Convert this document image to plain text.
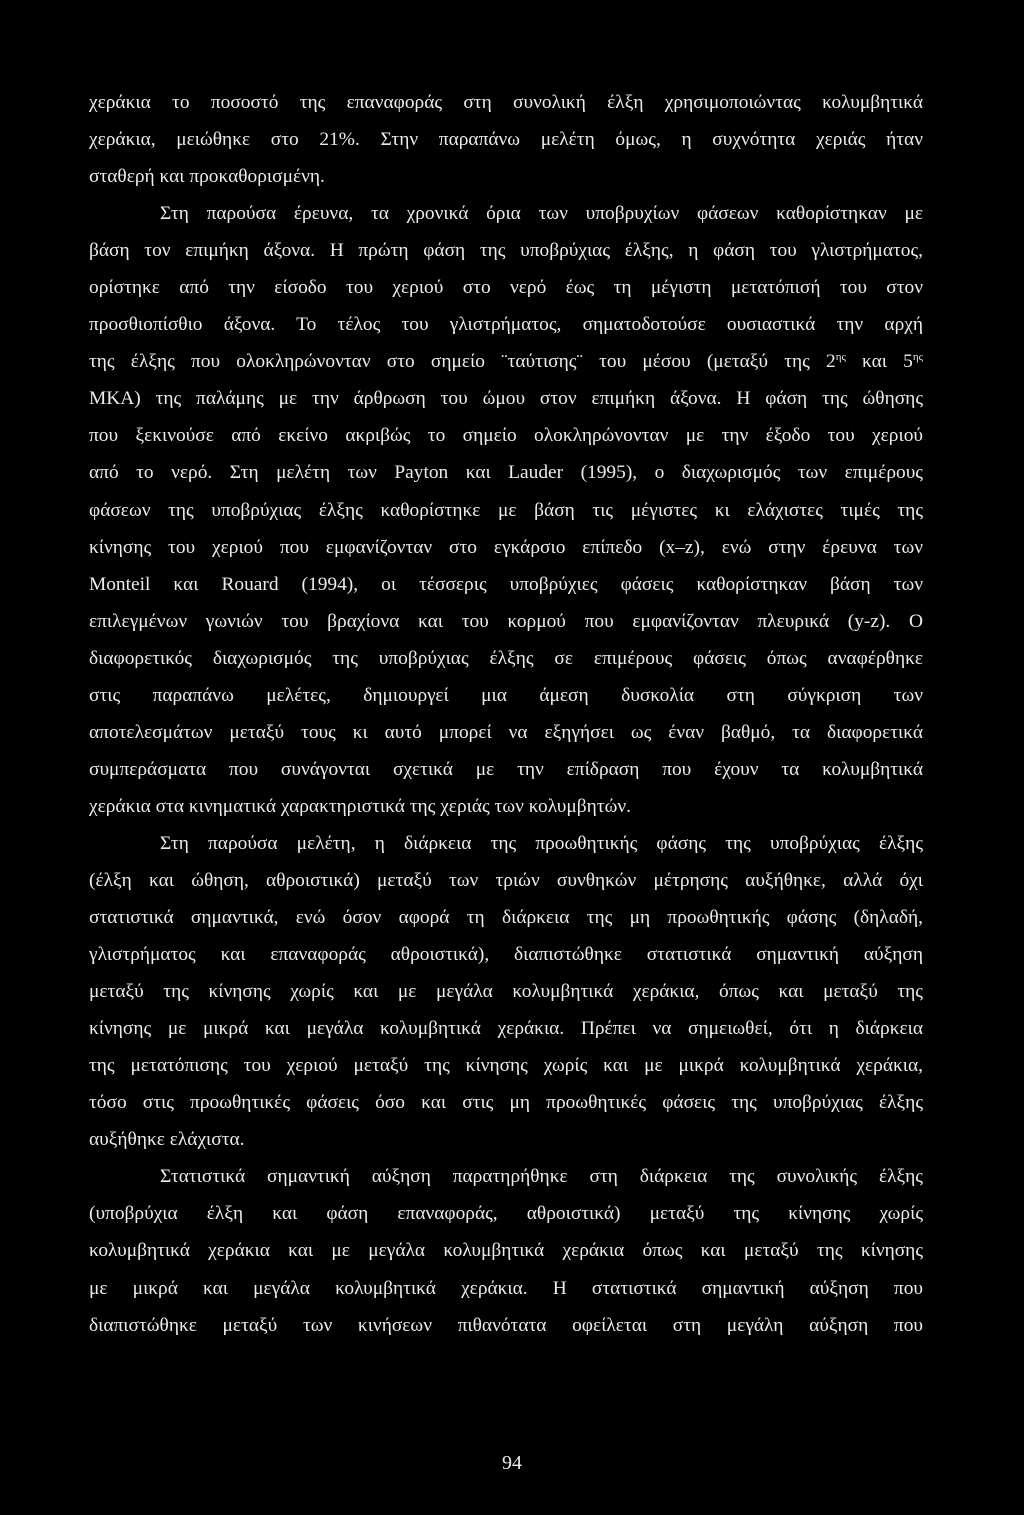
χεράκια το ποσοστό της επαναφοράς στη συνολική έλξη χρησιμοποιώντας κολυμβητικά
χεράκια, μειώθηκε στο 21%. Στην παραπάνω μελέτη όμως, η συχνότητα χεριάς ήταν
σταθερή και προκαθορισμένη.
Στη παρούσα έρευνα, τα χρονικά όρια των υποβρυχίων φάσεων καθορίστηκαν με
βάση τον επιμήκη άξονα. Η πρώτη φάση της υποβρύχιας έλξης, η φάση του γλιστρήματος,
ορίστηκε από την είσοδο του χεριού στο νερό έως τη μέγιστη μετατόπισή του στον
προσθιοπίσθιο άξονα. Το τέλος του γλιστρήματος, σηματοδοτούσε ουσιαστικά την αρχή
της έλξης που ολοκληρώνονταν στο σημείο ¨ταύτισης¨ του μέσου (μεταξύ της $2^{\eta\varsigma}$ και $5^{\eta\varsigma}$
ΜΚΑ) της παλάμης με την άρθρωση του ώμου στον επιμήκη άξονα. Η φάση της ώθησης
που ξεκινούσε από εκείνο ακριβώς το σημείο ολοκληρώνονταν με την έξοδο του χεριού
από το νερό. Στη μελέτη των Payton και Lauder (1995), ο διαχωρισμός των επιμέρους
φάσεων της υποβρύχιας έλξης καθορίστηκε με βάση τις μέγιστες κι ελάχιστες τιμές της
κίνησης του χεριού που εμφανίζονταν στο εγκάρσιο επίπεδο (x–z), ενώ στην έρευνα των
Monteil και Rouard (1994), οι τέσσερις υποβρύχιες φάσεις καθορίστηκαν βάση των
επιλεγμένων γωνιών του βραχίονα και του κορμού που εμφανίζονταν πλευρικά (y-z). Ο
διαφορετικός διαχωρισμός της υποβρύχιας έλξης σε επιμέρους φάσεις όπως αναφέρθηκε
στις παραπάνω μελέτες, δημιουργεί μια άμεση δυσκολία στη σύγκριση των
αποτελεσμάτων μεταξύ τους κι αυτό μπορεί να εξηγήσει ως έναν βαθμό, τα διαφορετικά
συμπεράσματα που συνάγονται σχετικά με την επίδραση που έχουν τα κολυμβητικά
χεράκια στα κινηματικά χαρακτηριστικά της χεριάς των κολυμβητών.
Στη παρούσα μελέτη, η διάρκεια της προωθητικής φάσης της υποβρύχιας έλξης
(έλξη και ώθηση, αθροιστικά) μεταξύ των τριών συνθηκών μέτρησης αυξήθηκε, αλλά όχι
στατιστικά σημαντικά, ενώ όσον αφορά τη διάρκεια της μη προωθητικής φάσης (δηλαδή,
γλιστρήματος και επαναφοράς αθροιστικά), διαπιστώθηκε στατιστικά σημαντική αύξηση
μεταξύ της κίνησης χωρίς και με μεγάλα κολυμβητικά χεράκια, όπως και μεταξύ της
κίνησης με μικρά και μεγάλα κολυμβητικά χεράκια. Πρέπει να σημειωθεί, ότι η διάρκεια
της μετατόπισης του χεριού μεταξύ της κίνησης χωρίς και με μικρά κολυμβητικά χεράκια,
τόσο στις προωθητικές φάσεις όσο και στις μη προωθητικές φάσεις της υποβρύχιας έλξης
αυξήθηκε ελάχιστα.
Στατιστικά σημαντική αύξηση παρατηρήθηκε στη διάρκεια της συνολικής έλξης
(υποβρύχια έλξη και φάση επαναφοράς, αθροιστικά) μεταξύ της κίνησης χωρίς
κολυμβητικά χεράκια και με μεγάλα κολυμβητικά χεράκια όπως και μεταξύ της κίνησης
με μικρά και μεγάλα κολυμβητικά χεράκια. Η στατιστικά σημαντική αύξηση που
διαπιστώθηκε μεταξύ των κινήσεων πιθανότατα οφείλεται στη μεγάλη αύξηση που
94
